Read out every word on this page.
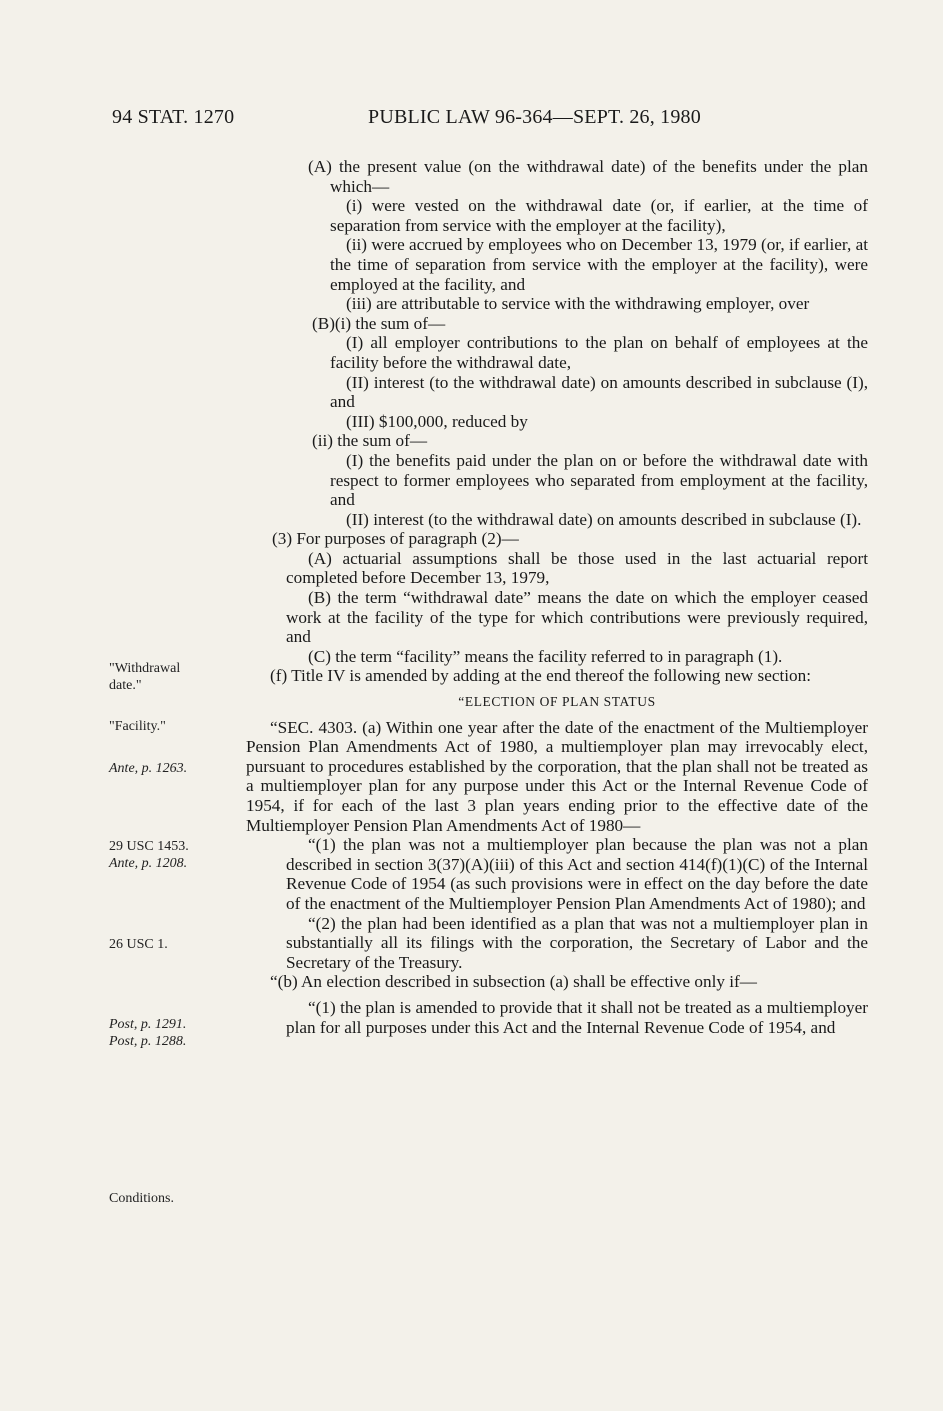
94 STAT. 1270	PUBLIC LAW 96-364—SEPT. 26, 1980
"Withdrawal
date."
"Facility."
Ante, p. 1263.
29 USC 1453.
Ante, p. 1208.
26 USC 1.
Post, p. 1291.
Post, p. 1288.
Conditions.

(A) the present value (on the withdrawal date) of the benefits under the plan which—

(i) were vested on the withdrawal date (or, if earlier, at the time of separation from service with the employer at the facility),

(ii) were accrued by employees who on December 13, 1979 (or, if earlier, at the time of separation from service with the employer at the facility), were employed at the facility, and

(iii) are attributable to service with the withdrawing employer, over

(B)(i) the sum of—

(I) all employer contributions to the plan on behalf of employees at the facility before the withdrawal date,

(II) interest (to the withdrawal date) on amounts described in subclause (I), and

(III) $100,000, reduced by

(ii) the sum of—

(I) the benefits paid under the plan on or before the withdrawal date with respect to former employees who separated from employment at the facility, and

(II) interest (to the withdrawal date) on amounts described in subclause (I).

(3) For purposes of paragraph (2)—

(A) actuarial assumptions shall be those used in the last actuarial report completed before December 13, 1979,

(B) the term “withdrawal date” means the date on which the employer ceased work at the facility of the type for which contributions were previously required, and

(C) the term “facility” means the facility referred to in paragraph (1).

(f) Title IV is amended by adding at the end thereof the following new section:

“ELECTION OF PLAN STATUS

“SEC. 4303. (a) Within one year after the date of the enactment of the Multiemployer Pension Plan Amendments Act of 1980, a multiemployer plan may irrevocably elect, pursuant to procedures established by the corporation, that the plan shall not be treated as a multiemployer plan for any purpose under this Act or the Internal Revenue Code of 1954, if for each of the last 3 plan years ending prior to the effective date of the Multiemployer Pension Plan Amendments Act of 1980—

“(1) the plan was not a multiemployer plan because the plan was not a plan described in section 3(37)(A)(iii) of this Act and section 414(f)(1)(C) of the Internal Revenue Code of 1954 (as such provisions were in effect on the day before the date of the enactment of the Multiemployer Pension Plan Amendments Act of 1980); and

“(2) the plan had been identified as a plan that was not a multiemployer plan in substantially all its filings with the corporation, the Secretary of Labor and the Secretary of the Treasury.

“(b) An election described in subsection (a) shall be effective only if—

“(1) the plan is amended to provide that it shall not be treated as a multiemployer plan for all purposes under this Act and the Internal Revenue Code of 1954, and
